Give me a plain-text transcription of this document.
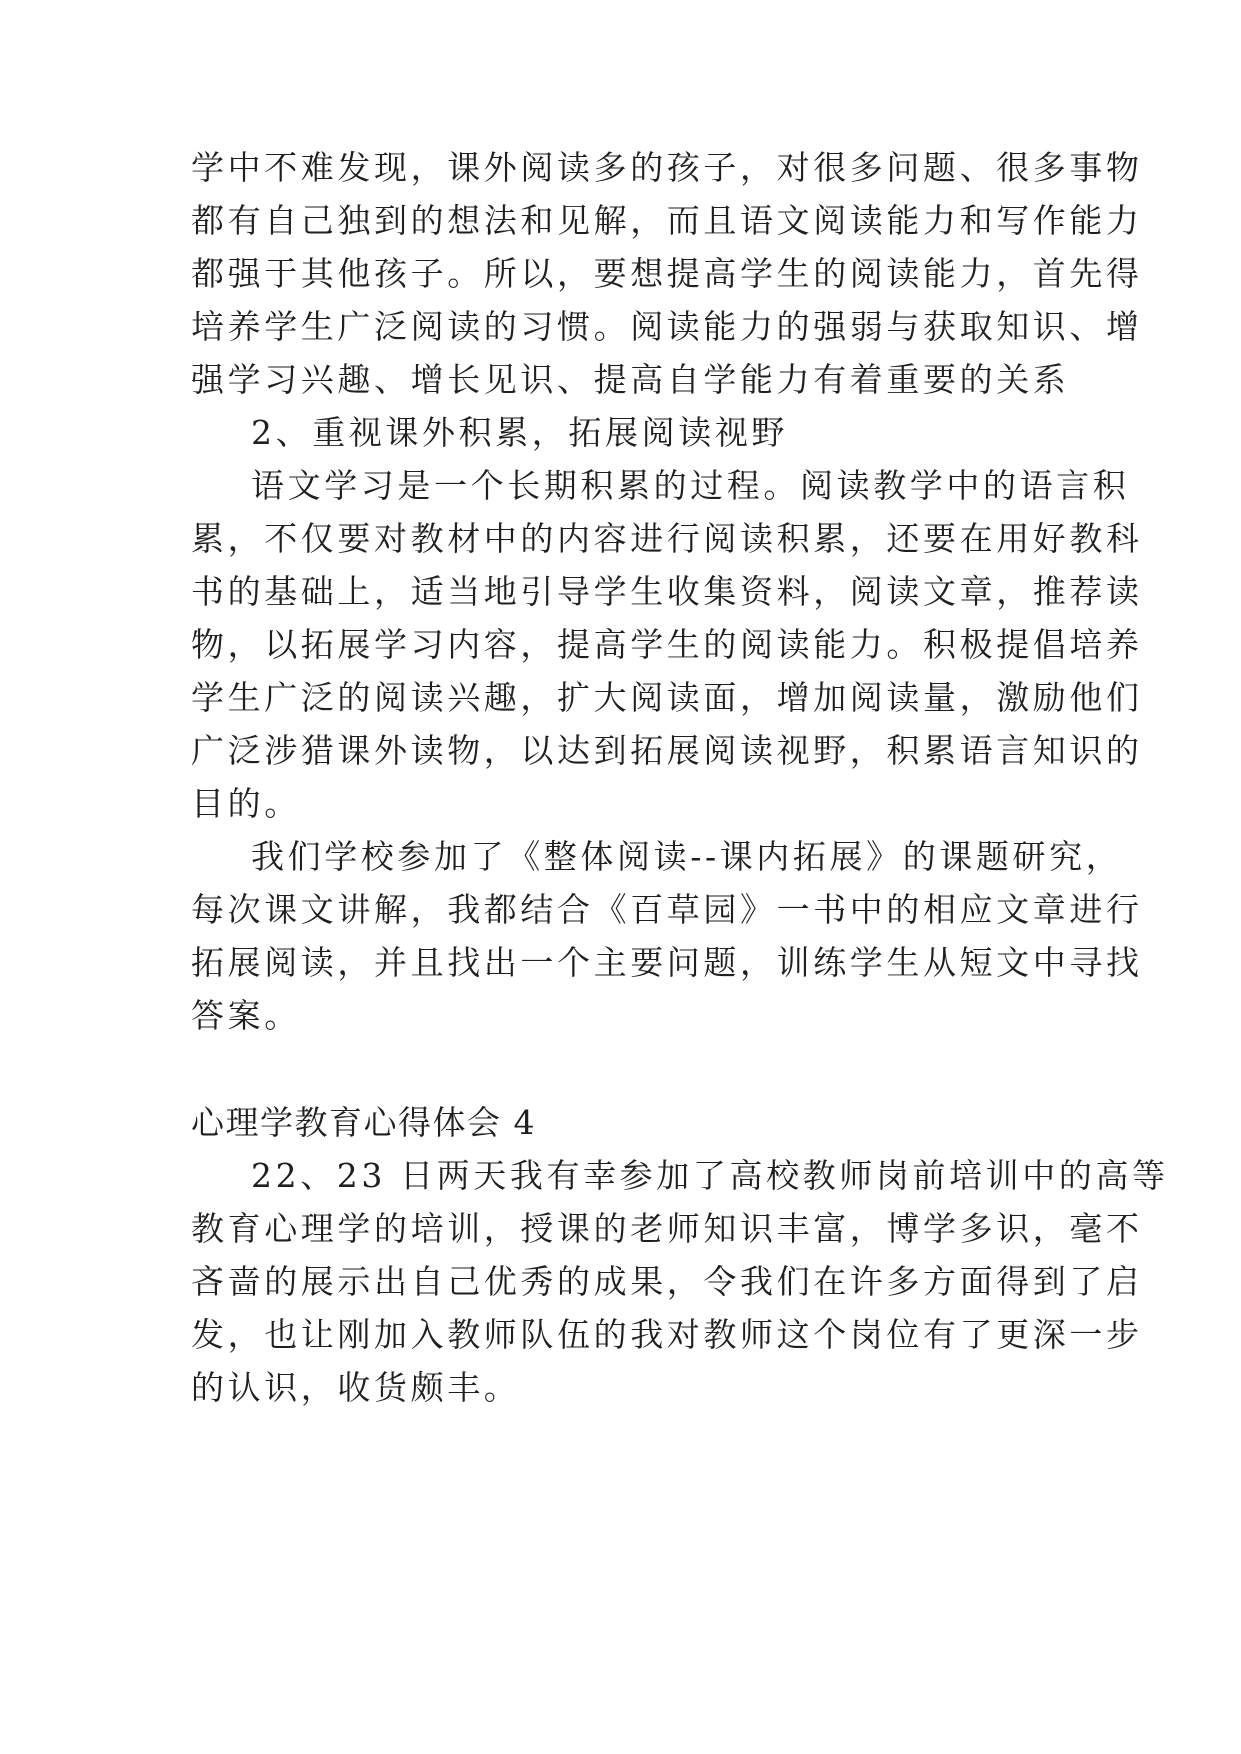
学中不难发现，课外阅读多的孩子，对很多问题、很多事物
都有自己独到的想法和见解，而且语文阅读能力和写作能力
都强于其他孩子。所以，要想提高学生的阅读能力，首先得
培养学生广泛阅读的习惯。阅读能力的强弱与获取知识、增
强学习兴趣、增长见识、提高自学能力有着重要的关系
2、重视课外积累，拓展阅读视野
语文学习是一个长期积累的过程。阅读教学中的语言积
累，不仅要对教材中的内容进行阅读积累，还要在用好教科
书的基础上，适当地引导学生收集资料，阅读文章，推荐读
物，以拓展学习内容，提高学生的阅读能力。积极提倡培养
学生广泛的阅读兴趣，扩大阅读面，增加阅读量，激励他们
广泛涉猎课外读物，以达到拓展阅读视野，积累语言知识的
目的。
我们学校参加了《整体阅读--课内拓展》的课题研究，
每次课文讲解，我都结合《百草园》一书中的相应文章进行
拓展阅读，并且找出一个主要问题，训练学生从短文中寻找
答案。
心理学教育心得体会 4
22、23 日两天我有幸参加了高校教师岗前培训中的高等
教育心理学的培训，授课的老师知识丰富，博学多识，毫不
吝啬的展示出自己优秀的成果，令我们在许多方面得到了启
发，也让刚加入教师队伍的我对教师这个岗位有了更深一步
的认识，收货颇丰。
